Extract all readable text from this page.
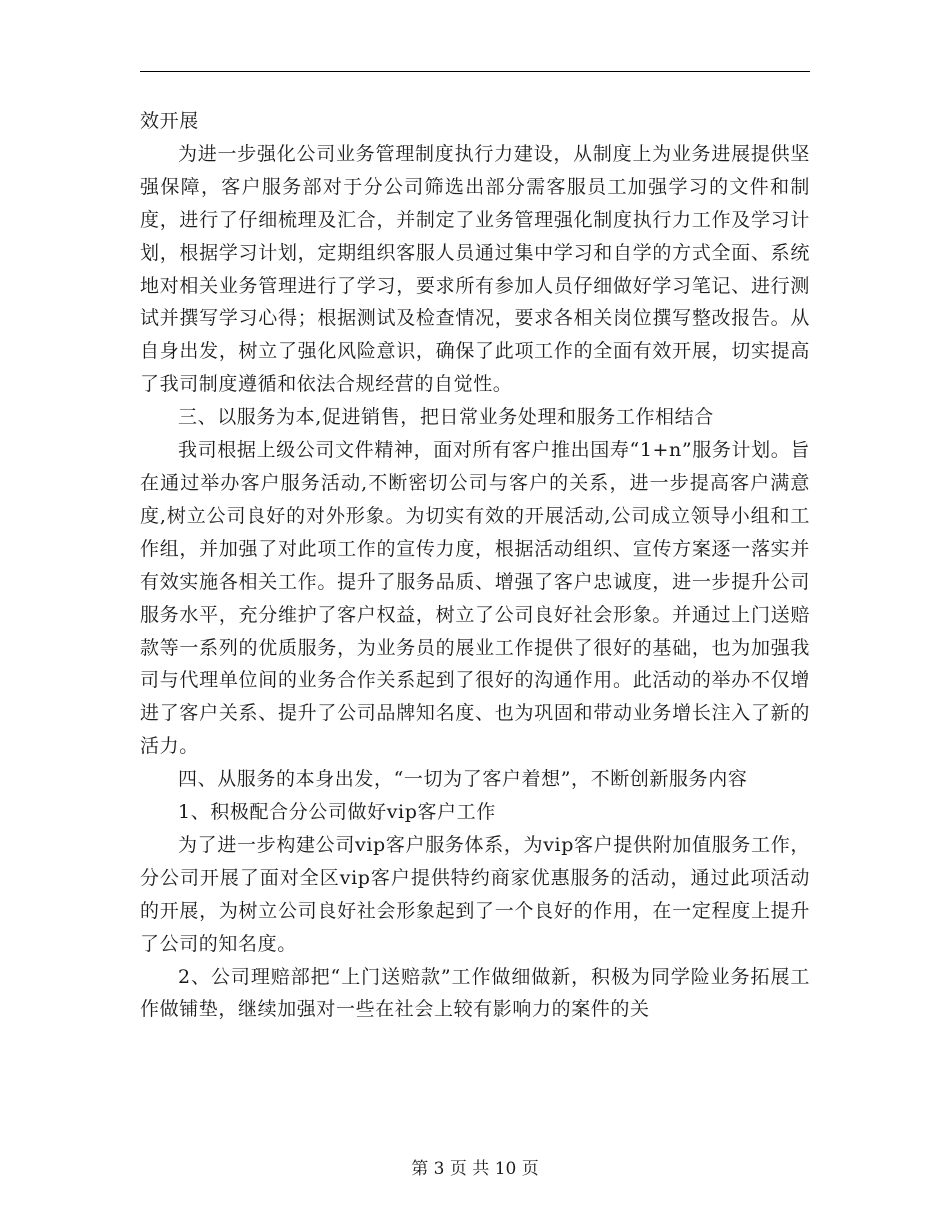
效开展

为进一步强化公司业务管理制度执行力建设，从制度上为业务进展提供坚强保障，客户服务部对于分公司筛选出部分需客服员工加强学习的文件和制度，进行了仔细梳理及汇合，并制定了业务管理强化制度执行力工作及学习计划，根据学习计划，定期组织客服人员通过集中学习和自学的方式全面、系统地对相关业务管理进行了学习，要求所有参加人员仔细做好学习笔记、进行测试并撰写学习心得；根据测试及检查情况，要求各相关岗位撰写整改报告。从自身出发，树立了强化风险意识，确保了此项工作的全面有效开展，切实提高了我司制度遵循和依法合规经营的自觉性。

三、以服务为本,促进销售，把日常业务处理和服务工作相结合

我司根据上级公司文件精神，面对所有客户推出国寿“1+n”服务计划。旨在通过举办客户服务活动,不断密切公司与客户的关系，进一步提高客户满意度,树立公司良好的对外形象。为切实有效的开展活动,公司成立领导小组和工作组，并加强了对此项工作的宣传力度，根据活动组织、宣传方案逐一落实并有效实施各相关工作。提升了服务品质、增强了客户忠诚度，进一步提升公司服务水平，充分维护了客户权益，树立了公司良好社会形象。并通过上门送赔款等一系列的优质服务，为业务员的展业工作提供了很好的基础，也为加强我司与代理单位间的业务合作关系起到了很好的沟通作用。此活动的举办不仅增进了客户关系、提升了公司品牌知名度、也为巩固和带动业务增长注入了新的活力。

四、从服务的本身出发，“一切为了客户着想”，不断创新服务内容

1、积极配合分公司做好vip客户工作

为了进一步构建公司vip客户服务体系，为vip客户提供附加值服务工作，分公司开展了面对全区vip客户提供特约商家优惠服务的活动，通过此项活动的开展，为树立公司良好社会形象起到了一个良好的作用，在一定程度上提升了公司的知名度。

2、公司理赔部把“上门送赔款”工作做细做新，积极为同学险业务拓展工作做铺垫，继续加强对一些在社会上较有影响力的案件的关

第 3 页 共 10 页
